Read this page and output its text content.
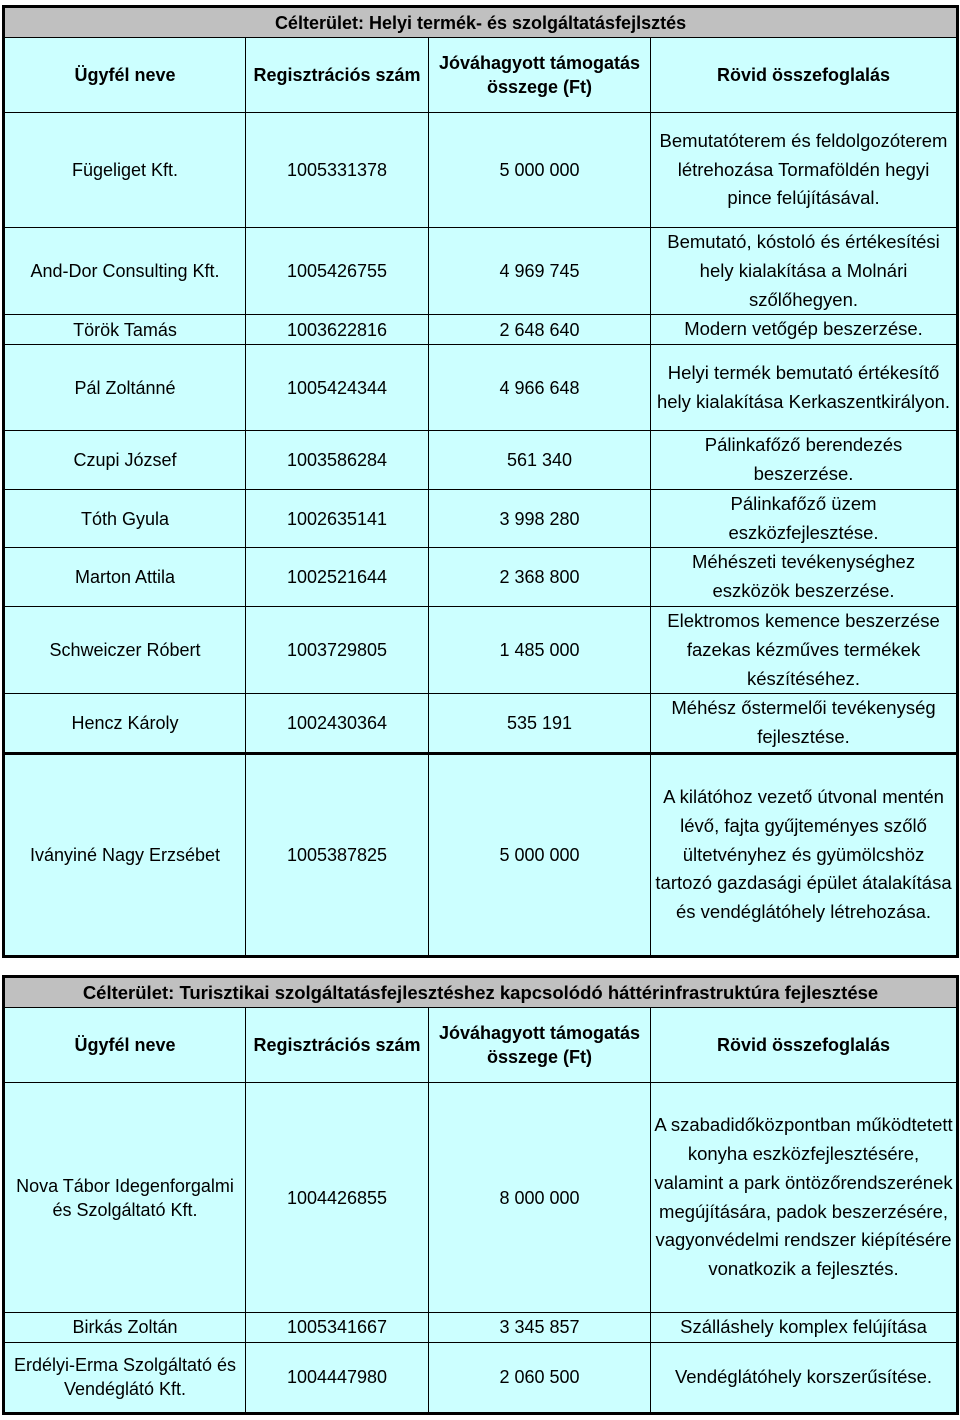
Célterület: Helyi termék- és szolgáltatásfejlsztés			
Ügyfél neve	Regisztrációs szám	Jóváhagyott támogatás összege (Ft)	Rövid összefoglalás
Fügeliget Kft.	1005331378	5 000 000	Bemutatóterem és feldolgozóterem létrehozása Tormaföldén hegyi pince felújításával.
And-Dor Consulting Kft.	1005426755	4 969 745	Bemutató, kóstoló és értékesítési hely kialakítása a Molnári szőlőhegyen.
Török Tamás	1003622816	2 648 640	Modern vetőgép beszerzése.
Pál Zoltánné	1005424344	4 966 648	Helyi termék bemutató értékesítő hely kialakítása Kerkaszentkirályon.
Czupi József	1003586284	561 340	Pálinkafőző berendezés beszerzése.
Tóth Gyula	1002635141	3 998 280	Pálinkafőző üzem eszközfejlesztése.
Marton Attila	1002521644	2 368 800	Méhészeti tevékenységhez eszközök beszerzése.
Schweiczer Róbert	1003729805	1 485 000	Elektromos kemence beszerzése fazekas kézműves termékek készítéséhez.
Hencz Károly	1002430364	535 191	Méhész őstermelői tevékenység fejlesztése.
Iványiné Nagy Erzsébet	1005387825	5 000 000	A kilátóhoz vezető útvonal mentén lévő, fajta gyűjteményes szőlő ültetvényhez és gyümölcshöz tartozó gazdasági épület átalakítása és vendéglátóhely létrehozása.
Célterület: Turisztikai szolgáltatásfejlesztéshez kapcsolódó háttérinfrastruktúra fejlesztése			
Ügyfél neve	Regisztrációs szám	Jóváhagyott támogatás összege (Ft)	Rövid összefoglalás
Nova Tábor Idegenforgalmi és Szolgáltató Kft.	1004426855	8 000 000	A szabadidőközpontban működtetett konyha eszközfejlesztésére, valamint a park öntözőrendszerének megújítására, padok beszerzésére, vagyonvédelmi rendszer kiépítésére vonatkozik a fejlesztés.
Birkás Zoltán	1005341667	3 345 857	Szálláshely komplex felújítása
Erdélyi-Erma Szolgáltató és Vendéglátó Kft.	1004447980	2 060 500	Vendéglátóhely korszerűsítése.
